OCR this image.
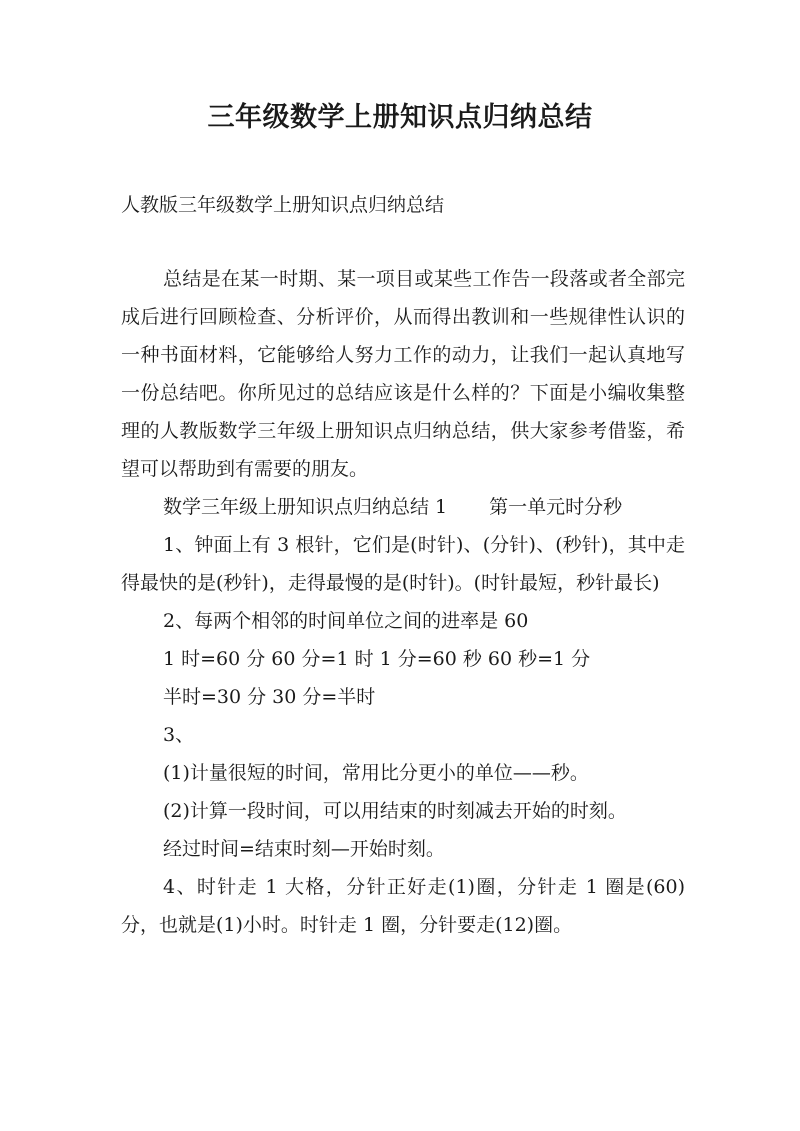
三年级数学上册知识点归纳总结
人教版三年级数学上册知识点归纳总结

总结是在某一时期、某一项目或某些工作告一段落或者全部完成后进行回顾检查、分析评价，从而得出教训和一些规律性认识的一种书面材料，它能够给人努力工作的动力，让我们一起认真地写一份总结吧。你所见过的总结应该是什么样的？下面是小编收集整理的人教版数学三年级上册知识点归纳总结，供大家参考借鉴，希望可以帮助到有需要的朋友。

数学三年级上册知识点归纳总结 1 第一单元时分秒

1、钟面上有 3 根针，它们是(时针)、(分针)、(秒针)，其中走得最快的是(秒针)，走得最慢的是(时针)。(时针最短，秒针最长)

2、每两个相邻的时间单位之间的进率是 60

1 时=60 分 60 分=1 时 1 分=60 秒 60 秒=1 分

半时=30 分 30 分=半时

3、

(1)计量很短的时间，常用比分更小的单位——秒。

(2)计算一段时间，可以用结束的时刻减去开始的时刻。

经过时间=结束时刻—开始时刻。

4、时针走 1 大格，分针正好走(1)圈，分针走 1 圈是(60)分，也就是(1)小时。时针走 1 圈，分针要走(12)圈。
